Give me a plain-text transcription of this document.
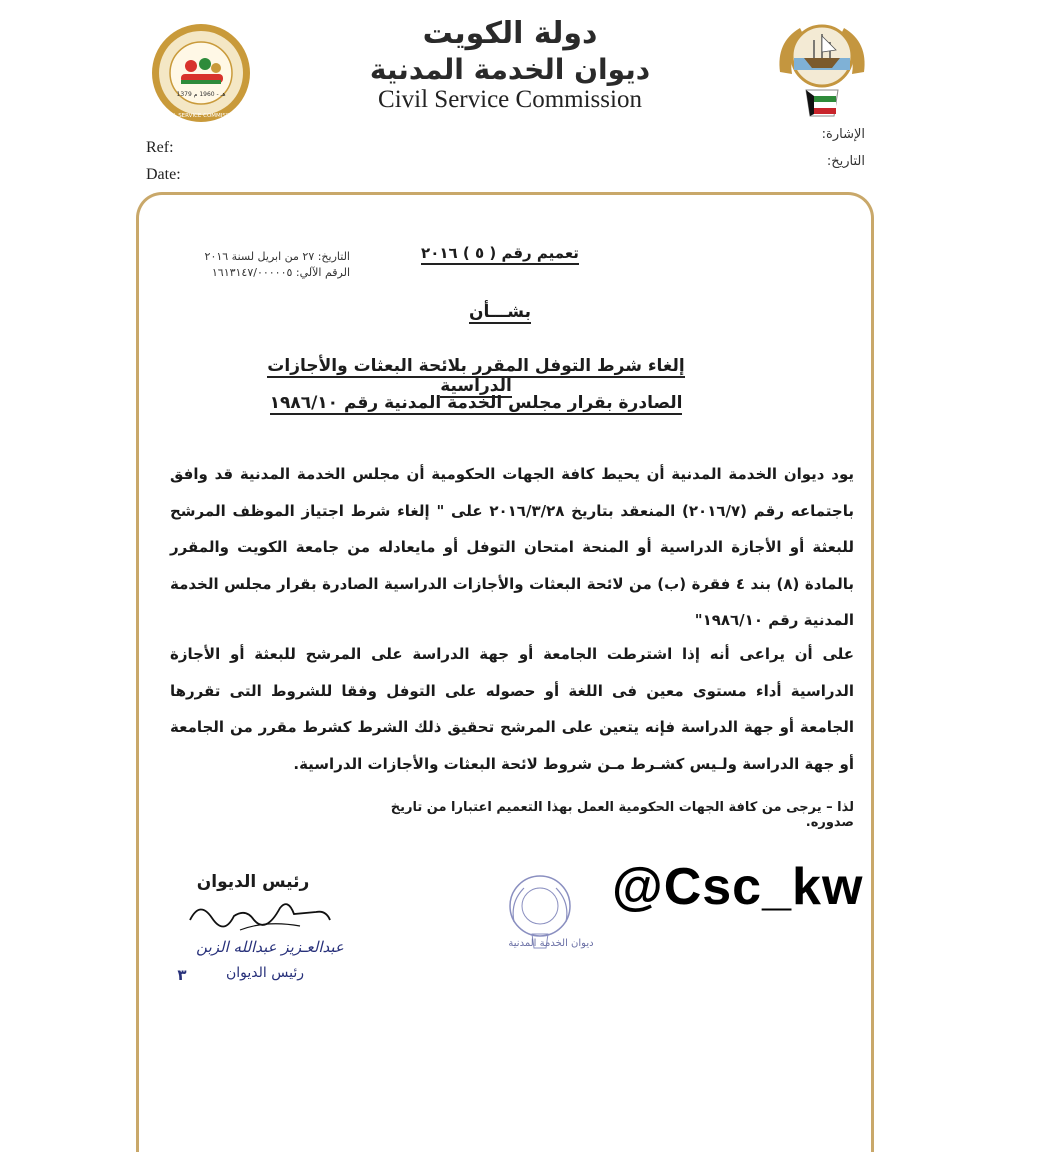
دولة الكويت
ديوان الخدمة المدنية
Civil Service Commission
1379 هـ - 1960 م
CIVIL SERVICE COMMISSION
Ref:
Date:
الإشارة:
التاريخ:
التاريخ: ٢٧ من ابريل لسنة ٢٠١٦
الرقم الآلي: ١٦١٣١٤٧/٠٠٠٠٠٥
تعميم رقم ( ٥ ) ٢٠١٦
بشـــأن
إلغاء شرط التوفل المقرر بلائحة البعثات والأجازات الدراسية
الصادرة بقرار مجلس الخدمة المدنية رقم ١٩٨٦/١٠
يود ديوان الخدمة المدنية أن يحيط كافة الجهات الحكومية أن مجلس الخدمة المدنية قد وافق باجتماعه رقم (٢٠١٦/٧) المنعقد بتاريخ ٢٠١٦/٣/٢٨ على " إلغاء شرط اجتياز الموظف المرشح للبعثة أو الأجازة الدراسية أو المنحة امتحان التوفل أو مايعادله من جامعة الكويت والمقرر بالمادة (٨) بند ٤ فقرة (ب) من لائحة البعثات والأجازات الدراسية الصادرة بقرار مجلس الخدمة المدنية رقم ١٩٨٦/١٠"
على أن يراعى أنه إذا اشترطت الجامعة أو جهة الدراسة على المرشح للبعثة أو الأجازة الدراسية أداء مستوى معين فى اللغة أو حصوله على التوفل وفقا للشروط التى تقررها الجامعة أو جهة الدراسة فإنه يتعين على المرشح تحقيق ذلك الشرط كشرط مقرر من الجامعة أو جهة الدراسة ولـيس كشـرط مـن شروط لائحة البعثات والأجازات الدراسية.
لذا – يرجى من كافة الجهات الحكومية العمل بهذا التعميم اعتبارا من تاريخ صدوره.
رئيس الديوان
عبدالعـزيز عبدالله الزبن
رئيس الديوان
٣
ديوان الخدمة المدنية
@Csc_kw
